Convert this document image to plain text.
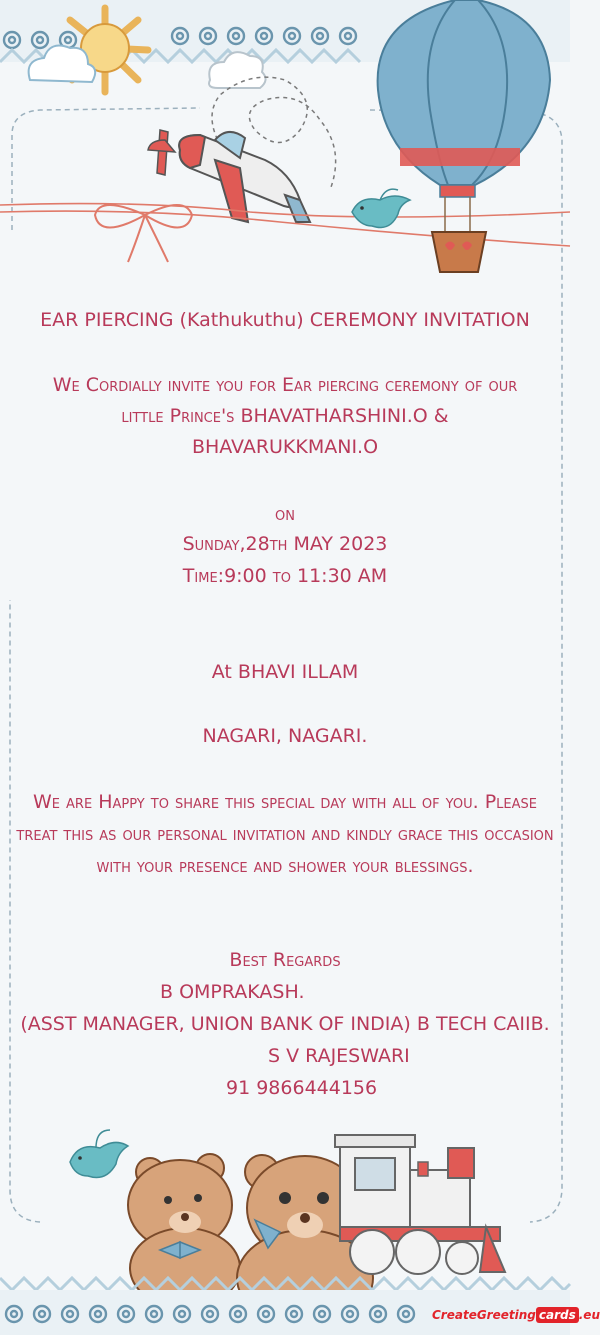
EAR PIERCING (Kathukuthu) CEREMONY INVITATION

We Cordially invite you for Ear piercing ceremony of our little Prince's BHAVATHARSHINI.O & BHAVARUKKMANI.O

on

Sunday,28th MAY 2023

Time:9:00 to 11:30 AM

At BHAVI ILLAM

NAGARI, NAGARI.

We are Happy to share this special day with all of you. Please treat this as our personal invitation and kindly grace this occasion with your presence and shower your blessings.

Best Regards

B OMPRAKASH.

(ASST MANAGER, UNION BANK OF INDIA) B TECH CAIIB.

S V RAJESWARI

91 9866444156

CreateGreeting cards .eu
